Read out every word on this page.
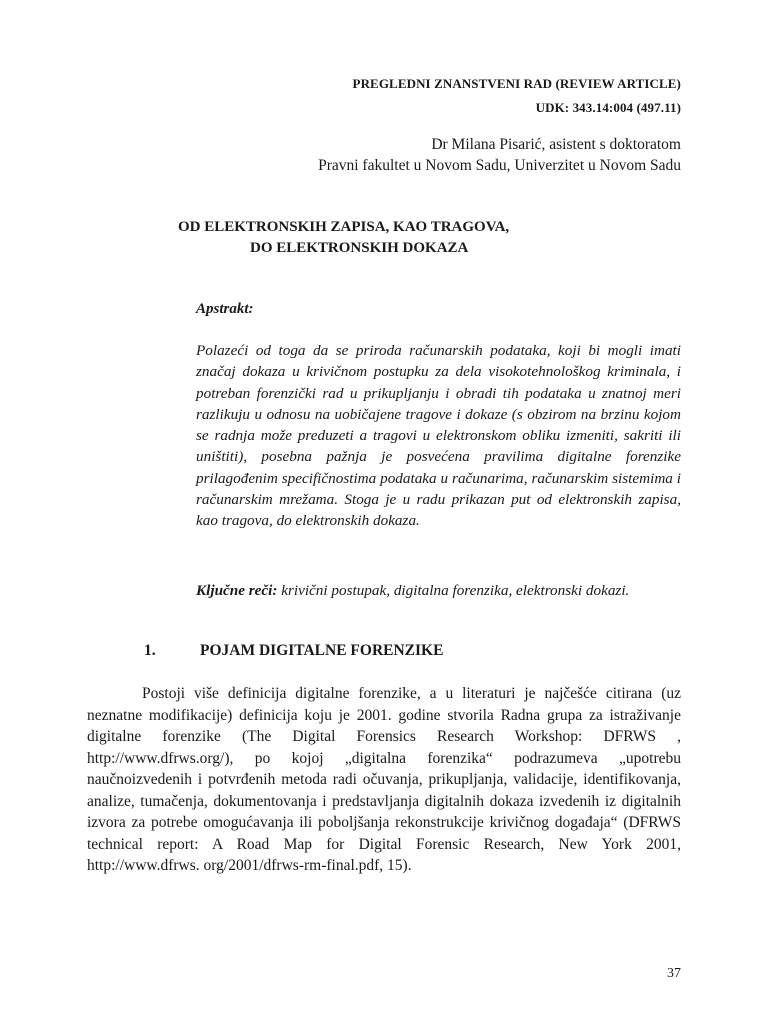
PREGLEDNI ZNANSTVENI RAD (REVIEW ARTICLE)
UDK: 343.14:004 (497.11)
Dr Milana Pisarić, asistent s doktoratom
Pravni fakultet u Novom Sadu, Univerzitet u Novom Sadu
OD ELEKTRONSKIH ZAPISA, KAO TRAGOVA,
DO ELEKTRONSKIH DOKAZA
Apstrakt:

Polazeći od toga da se priroda računarskih podataka, koji bi mogli imati značaj dokaza u krivičnom postupku za dela visokotehnološkog kriminala, i potreban forenzički rad u prikupljanju i obradi tih podataka u znatnoj meri razlikuju u odnosu na uobičajene tragove i dokaze (s obzirom na brzinu kojom se radnja može preduzeti a tragovi u elektronskom obliku izmeniti, sakriti ili uništiti), posebna pažnja je posvećena pravilima digitalne forenzike prilagođenim specifičnostima podataka u računarima, računarskim sistemima i računarskim mrežama. Stoga je u radu prikazan put od elektronskih zapisa, kao tragova, do elektronskih dokaza.

Ključne reči: krivični postupak, digitalna forenzika, elektronski dokazi.

1.	POJAM DIGITALNE FORENZIKE

Postoji više definicija digitalne forenzike, a u literaturi je najčešće citirana (uz neznatne modifikacije) definicija koju je 2001. godine stvorila Radna grupa za istraživanje digitalne forenzike (The Digital Forensics Research Workshop: DFRWS , http://www.dfrws.org/), po kojoj „digitalna forenzika“ podrazumeva „upotrebu naučnoizvedenih i potvrđenih metoda radi očuvanja, prikupljanja, validacije, identifikovanja, analize, tumačenja, dokumentovanja i predstavljanja digitalnih dokaza izvedenih iz digitalnih izvora za potrebe omogućavanja ili poboljšanja rekonstrukcije krivičnog događaja“ (DFRWS technical report: A Road Map for Digital Forensic Research, New York 2001, http://www.dfrws. org/2001/dfrws-rm-final.pdf, 15).

37
